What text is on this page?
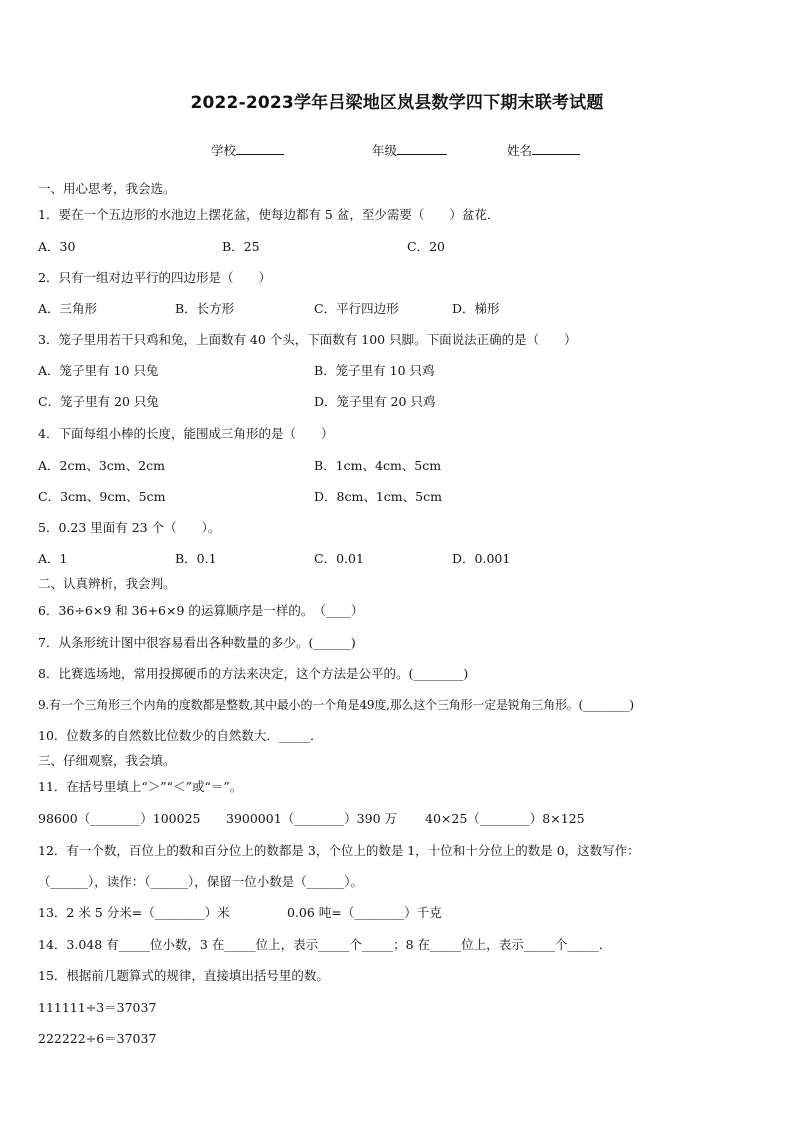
2022-2023学年吕梁地区岚县数学四下期末联考试题
学校	年级	姓名
一、用心思考，我会选。
1．要在一个五边形的水池边上摆花盆，使每边都有 5 盆，至少需要（　　）盆花．
A．30	B．25	C．20
2．只有一组对边平行的四边形是（　　）
A．三角形	B．长方形	C．平行四边形	D．梯形
3．笼子里用若干只鸡和兔，上面数有 40 个头，下面数有 100 只脚。下面说法正确的是（　　）
A．笼子里有 10 只兔	B．笼子里有 10 只鸡
C．笼子里有 20 只兔	D．笼子里有 20 只鸡
4．下面每组小棒的长度，能围成三角形的是（　　）
A．2cm、3cm、2cm	B．1cm、4cm、5cm
C．3cm、9cm、5cm	D．8cm、1cm、5cm
5．0.23 里面有 23 个（　　）。
A．1	B．0.1	C．0.01	D．0.001
二、认真辨析，我会判。
6．36÷6×9 和 36+6×9 的运算顺序是一样的。　（____）
7．从条形统计图中很容易看出各种数量的多少。(______)
8．比赛选场地，常用投掷硬币的方法来决定，这个方法是公平的。(________)
9.有一个三角形三个内角的度数都是整数,其中最小的一个角是49度,那么这个三角形一定是锐角三角形。(________)
10．位数多的自然数比位数少的自然数大．_____．
三、仔细观察，我会填。
11．在括号里填上“＞”“＜”或“＝”。
98600（________）100025 3900001（________）390 万 40×25（________）8×125
12．有一个数，百位上的数和百分位上的数都是 3，个位上的数是 1，十位和十分位上的数是 0，这数写作：
（______），读作：（______），保留一位小数是（______）。
13．2 米 5 分米=（________）米	0.06 吨=（________）千克
14．3.048 有_____位小数，3 在_____位上，表示_____个_____；8 在_____位上，表示_____个_____．
15．根据前几题算式的规律，直接填出括号里的数。
111111÷3＝37037
222222÷6＝37037
